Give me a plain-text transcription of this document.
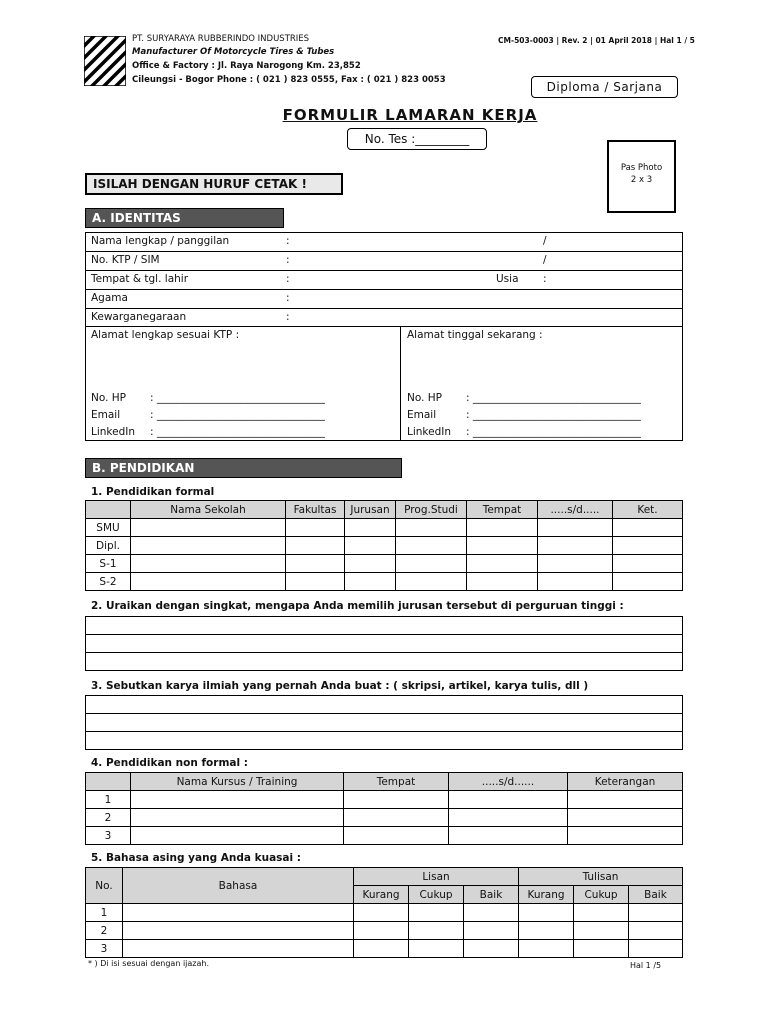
PT. SURYARAYA RUBBERINDO INDUSTRIES
Manufacturer Of Motorcycle Tires & Tubes
Office & Factory : Jl. Raya Narogong Km. 23,852
Cileungsi - Bogor Phone : ( 021 ) 823 0555, Fax : ( 021 ) 823 0053
CM-503-0003 | Rev. 2 | 01 April 2018 | Hal 1 / 5
Diploma / Sarjana
FORMULIR LAMARAN KERJA
No. Tes :_________
Pas Photo
2 x 3
ISILAH DENGAN HURUF CETAK !
A. IDENTITAS
Nama lengkap / panggilan	:	/
No. KTP / SIM	:	/
Tempat & tgl. lahir	:	Usia :
Agama	:
Kewarganegaraan	:
Alamat lengkap sesuai KTP :	Alamat tinggal sekarang :
No. HP : ________________________________
Email	: ________________________________
LinkedIn : ________________________________
No. HP : ________________________________
Email	: ________________________________
LinkedIn : ________________________________
B. PENDIDIKAN
1. Pendidikan formal
	Nama Sekolah	Fakultas	Jurusan	Prog.Studi	Tempat	.....s/d.....	Ket.
SMU							
Dipl.							
S-1							
S-2							
2. Uraikan dengan singkat, mengapa Anda memilih jurusan tersebut di perguruan tinggi :

3. Sebutkan karya ilmiah yang pernah Anda buat : ( skripsi, artikel, karya tulis, dll )

4. Pendidikan non formal :
	Nama Kursus / Training	Tempat	.....s/d......	Keterangan
1				
2				
3				
5. Bahasa asing yang Anda kuasai :
No.	Bahasa	Lisan			Tulisan		
		Kurang	Cukup	Baik	Kurang	Cukup	Baik
1							
2							
3							
* ) Di isi sesuai dengan ijazah.	Hal 1 /5
